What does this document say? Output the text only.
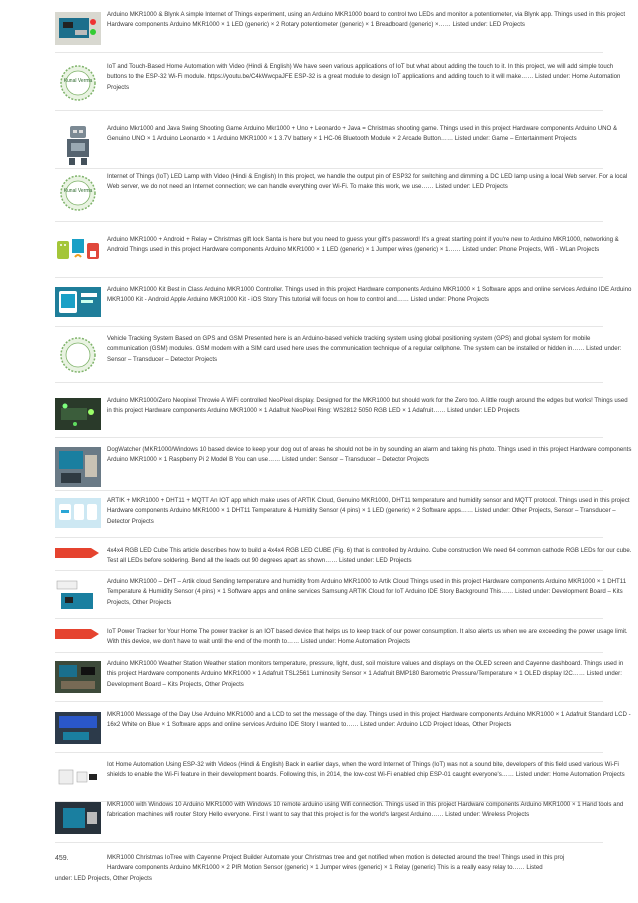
Arduino MKR1000 & Blynk A simple Internet of Things experiment, using an Arduino MKR1000 board to control two LEDs and monitor a potentiometer, via Blynk app. Things used in this project Hardware components Arduino MKR1000 × 1 LED (generic) × 2 Rotary potentiometer (generic) × 1 Breadboard (generic) ×…… Listed under: LED Projects
Kunal Verma
IoT and Touch-Based Home Automation with Video (Hindi & English) We have seen various applications of IoT but what about adding the touch to it. In this project, we will add simple touch buttons to the ESP-32 Wi-Fi module. https://youtu.be/C4kWwcpaJFE ESP-32 is a great module to design IoT applications and adding touch to it will make…… Listed under: Home Automation Projects
Arduino Mkr1000 and Java Swing Shooting Game Arduino Mkr1000 + Uno + Leonardo + Java = Christmas shooting game. Things used in this project Hardware components Arduino UNO & Genuino UNO × 1 Arduino Leonardo × 1 Arduino MKR1000 × 1 3.7V battery × 1 HC-06 Bluetooth Module × 2 Arcade Button…… Listed under: Game – Entertainment Projects
Kunal Verma
Internet of Things (IoT) LED Lamp with Video (Hindi & English) In this project, we handle the output pin of ESP32 for switching and dimming a DC LED lamp using a local Web server. For a local Web server, we do not need an Internet connection; we can handle everything over Wi-Fi. To make this work, we use…… Listed under: LED Projects
Arduino MKR1000 + Android + Relay = Christmas gift lock Santa is here but you need to guess your gift's password! It's a great starting point if you're new to Arduino MKR1000, networking & Android Things used in this project Hardware components Arduino MKR1000 × 1 LED (generic) × 1 Jumper wires (generic) × 1…… Listed under: Phone Projects, Wifi - WLan Projects
Arduino MKR1000 Kit Best in Class Arduino MKR1000 Controller. Things used in this project Hardware components Arduino MKR1000 × 1 Software apps and online services Arduino IDE Arduino MKR1000 Kit - Android Apple Arduino MKR1000 Kit - iOS Story This tutorial will focus on how to control and…… Listed under: Phone Projects
Vehicle Tracking System Based on GPS and GSM Presented here is an Arduino-based vehicle tracking system using global positioning system (GPS) and global system for mobile communication (GSM) modules. GSM modem with a SIM card used here uses the communication technique of a regular cellphone. The system can be installed or hidden in…… Listed under: Sensor – Transducer – Detector Projects
Arduino MKR1000/Zero Neopixel Throwie A WiFi controlled NeoPixel display. Designed for the MKR1000 but should work for the Zero too. A little rough around the edges but works! Things used in this project Hardware components Arduino MKR1000 × 1 Adafruit NeoPixel Ring: WS2812 5050 RGB LED × 1 Adafruit…… Listed under: LED Projects
DogWatcher (MKR1000/Windows 10 based device to keep your dog out of areas he should not be in by sounding an alarm and taking his photo. Things used in this project Hardware components Arduino MKR1000 × 1 Raspberry Pi 2 Model B You can use…… Listed under: Sensor – Transducer – Detector Projects
ARTIK + MKR1000 + DHT11 + MQTT An IOT app which make uses of ARTIK Cloud, Genuino MKR1000, DHT11 temperature and humidity sensor and MQTT protocol. Things used in this project Hardware components Arduino MKR1000 × 1 DHT11 Temperature & Humidity Sensor (4 pins) × 1 LED (generic) × 2 Software apps…… Listed under: Other Projects, Sensor – Transducer – Detector Projects
4x4x4 RGB LED Cube This article describes how to build a 4x4x4 RGB LED CUBE (Fig. 6) that is controlled by Arduino. Cube construction We need 64 common cathode RGB LEDs for our cube. Test all LEDs before soldering. Bend all the leads out 90 degrees apart as shown…… Listed under: LED Projects
Arduino MKR1000 – DHT – Artik cloud Sending temperature and humidity from Arduino MKR1000 to Artik Cloud Things used in this project Hardware components Arduino MKR1000 × 1 DHT11 Temperature & Humidity Sensor (4 pins) × 1 Software apps and online services Samsung ARTIK Cloud for IoT Arduino IDE Story Background This…… Listed under: Development Board – Kits Projects, Other Projects
IoT Power Tracker for Your Home The power tracker is an IOT based device that helps us to keep track of our power consumption. It also alerts us when we are exceeding the power usage limit. With this device, we don't have to wait until the end of the month to…… Listed under: Home Automation Projects
Arduino MKR1000 Weather Station Weather station monitors temperature, pressure, light, dust, soil moisture values and displays on the OLED screen and Cayenne dashboard. Things used in this project Hardware components Arduino MKR1000 × 1 Adafruit TSL2561 Luminosity Sensor × 1 Adafruit BMP180 Barometric Pressure/Temperature × 1 OLED display I2C…… Listed under: Development Board – Kits Projects, Other Projects
MKR1000 Message of the Day Use Arduino MKR1000 and a LCD to set the message of the day. Things used in this project Hardware components Arduino MKR1000 × 1 Adafruit Standard LCD - 16x2 White on Blue × 1 Software apps and online services Arduino IDE Story I wanted to…… Listed under: Arduino LCD Project Ideas, Other Projects
Iot Home Automation Using ESP-32 with Videos (Hindi & English) Back in earlier days, when the word Internet of Things (IoT) was not a sound bite, developers of this field used various Wi-Fi shields to enable the Wi-Fi feature in their development boards. Following this, in 2014, the low-cost Wi-Fi enabled chip ESP-01 caught everyone's…… Listed under: Home Automation Projects
MKR1000 with Windows 10 Arduino MKR1000 with Windows 10 remote arduino using Wifi connection. Things used in this project Hardware components Arduino MKR1000 × 1 Hand tools and fabrication machines wifi router Story Hello everyone. First I want to say that this project is for the world's largest Arduino…… Listed under: Wireless Projects
459.	MKR1000 Christmas IoTree with Cayenne Project Builder Automate your Christmas tree and get notified when motion is detected around the tree! Things used in this proj
Hardware components Arduino MKR1000 × 2 PIR Motion Sensor (generic) × 1 Jumper wires (generic) × 1 Relay (generic) This is a really easy relay to…… Listed
under: LED Projects, Other Projects
